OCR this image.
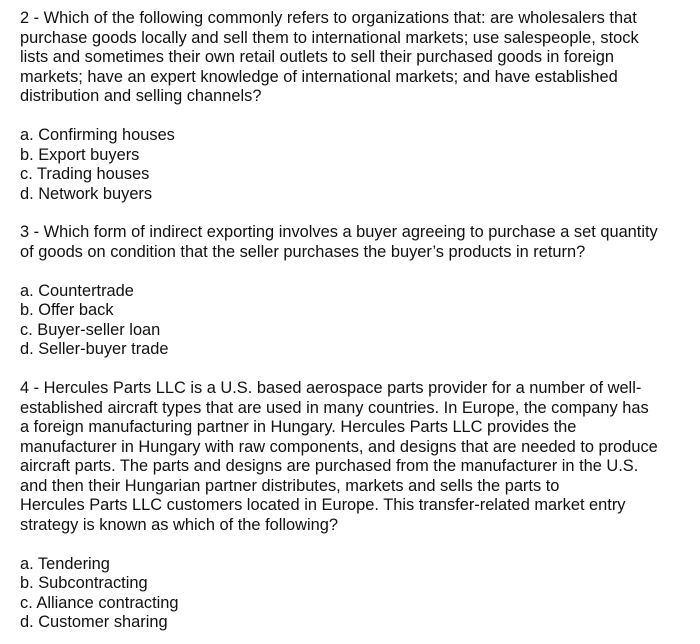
2 - Which of the following commonly refers to organizations that: are wholesalers that
purchase goods locally and sell them to international markets; use salespeople, stock
lists and sometimes their own retail outlets to sell their purchased goods in foreign
markets; have an expert knowledge of international markets; and have established
distribution and selling channels?
a. Confirming houses
b. Export buyers
c. Trading houses
d. Network buyers
3 - Which form of indirect exporting involves a buyer agreeing to purchase a set quantity
of goods on condition that the seller purchases the buyer’s products in return?
a. Countertrade
b. Offer back
c. Buyer-seller loan
d. Seller-buyer trade
4 - Hercules Parts LLC is a U.S. based aerospace parts provider for a number of well-
established aircraft types that are used in many countries. In Europe, the company has
a foreign manufacturing partner in Hungary. Hercules Parts LLC provides the
manufacturer in Hungary with raw components, and designs that are needed to produce
aircraft parts. The parts and designs are purchased from the manufacturer in the U.S.
and then their Hungarian partner distributes, markets and sells the parts to
Hercules Parts LLC customers located in Europe. This transfer-related market entry
strategy is known as which of the following?
a. Tendering
b. Subcontracting
c. Alliance contracting
d. Customer sharing
